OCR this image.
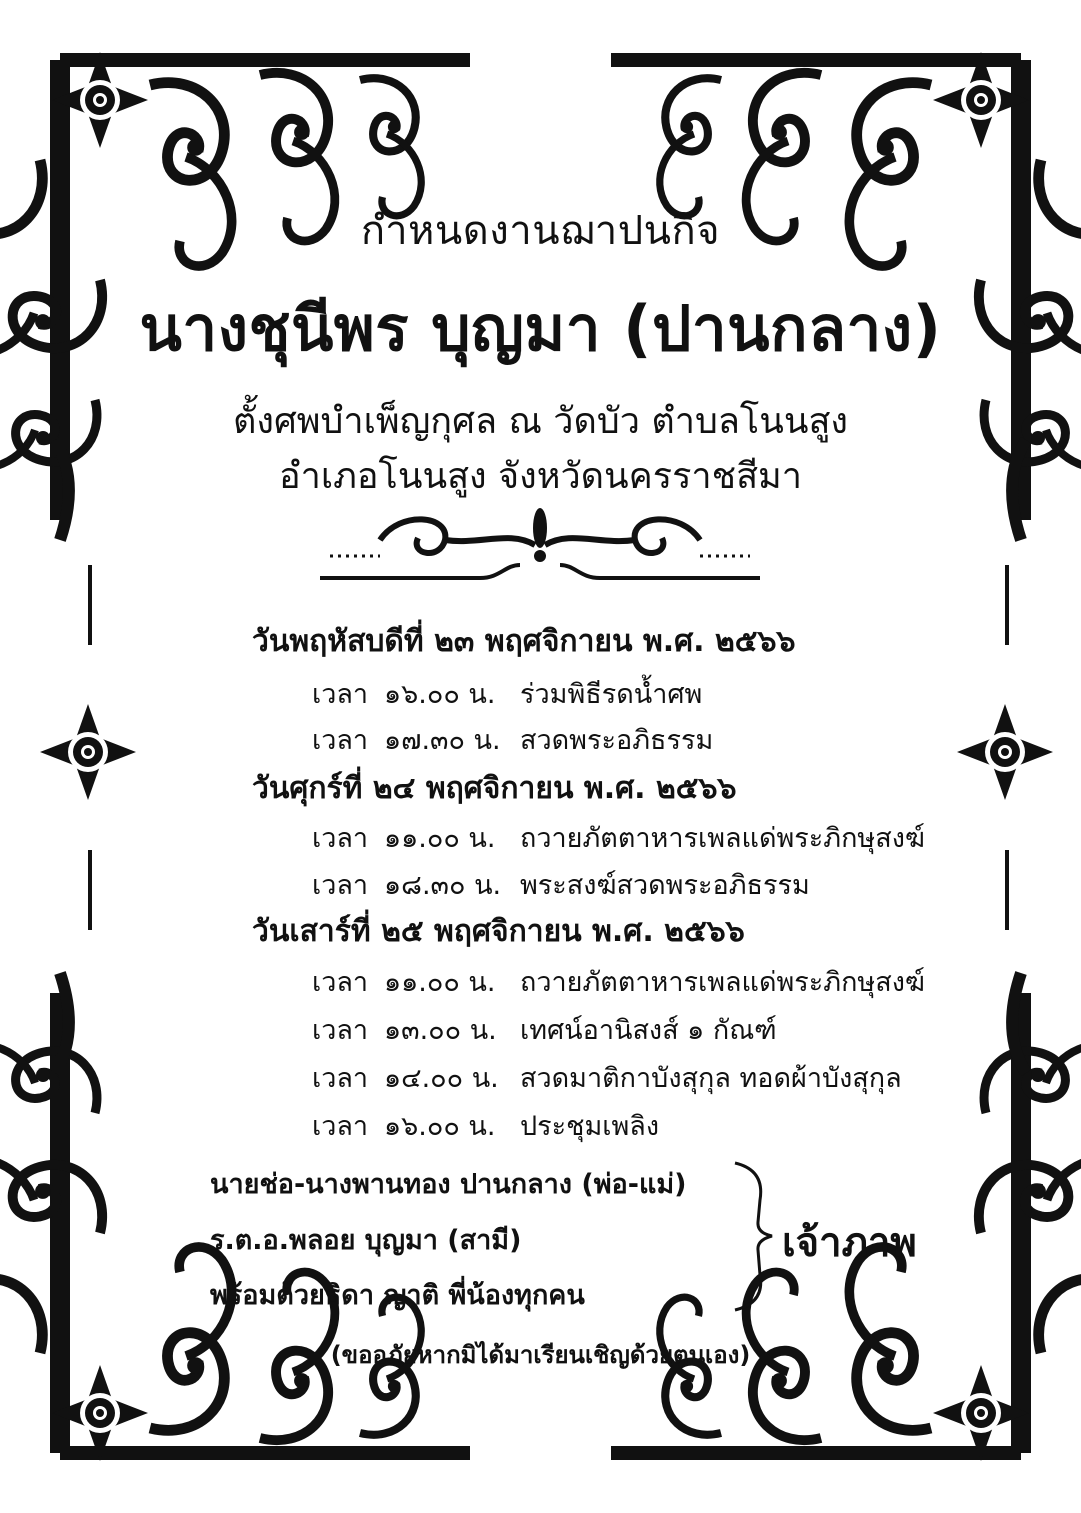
กำหนดงานฌาปนกิจ
นางชุนีพร บุญมา (ปานกลาง)
ตั้งศพบำเพ็ญกุศล ณ วัดบัว ตำบลโนนสูง
อำเภอโนนสูง จังหวัดนครราชสีมา
วันพฤหัสบดีที่ ๒๓ พฤศจิกายน พ.ศ. ๒๕๖๖
เวลา ๑๖.๐๐ น. ร่วมพิธีรดน้ำศพ
เวลา ๑๗.๓๐ น. สวดพระอภิธรรม
วันศุกร์ที่ ๒๔ พฤศจิกายน พ.ศ. ๒๕๖๖
เวลา ๑๑.๐๐ น. ถวายภัตตาหารเพลแด่พระภิกษุสงฆ์
เวลา ๑๘.๓๐ น. พระสงฆ์สวดพระอภิธรรม
วันเสาร์ที่ ๒๕ พฤศจิกายน พ.ศ. ๒๕๖๖
เวลา ๑๑.๐๐ น. ถวายภัตตาหารเพลแด่พระภิกษุสงฆ์
เวลา ๑๓.๐๐ น. เทศน์อานิสงส์ ๑ กัณฑ์
เวลา ๑๔.๐๐ น. สวดมาติกาบังสุกุล ทอดผ้าบังสุกุล
เวลา ๑๖.๐๐ น. ประชุมเพลิง
นายช่อ-นางพานทอง ปานกลาง (พ่อ-แม่)
ร.ต.อ.พลอย บุญมา (สามี)
พร้อมด้วยธิดา ญาติ พี่น้องทุกคน
เจ้าภาพ
(ขออภัยหากมิได้มาเรียนเชิญด้วยตนเอง)
